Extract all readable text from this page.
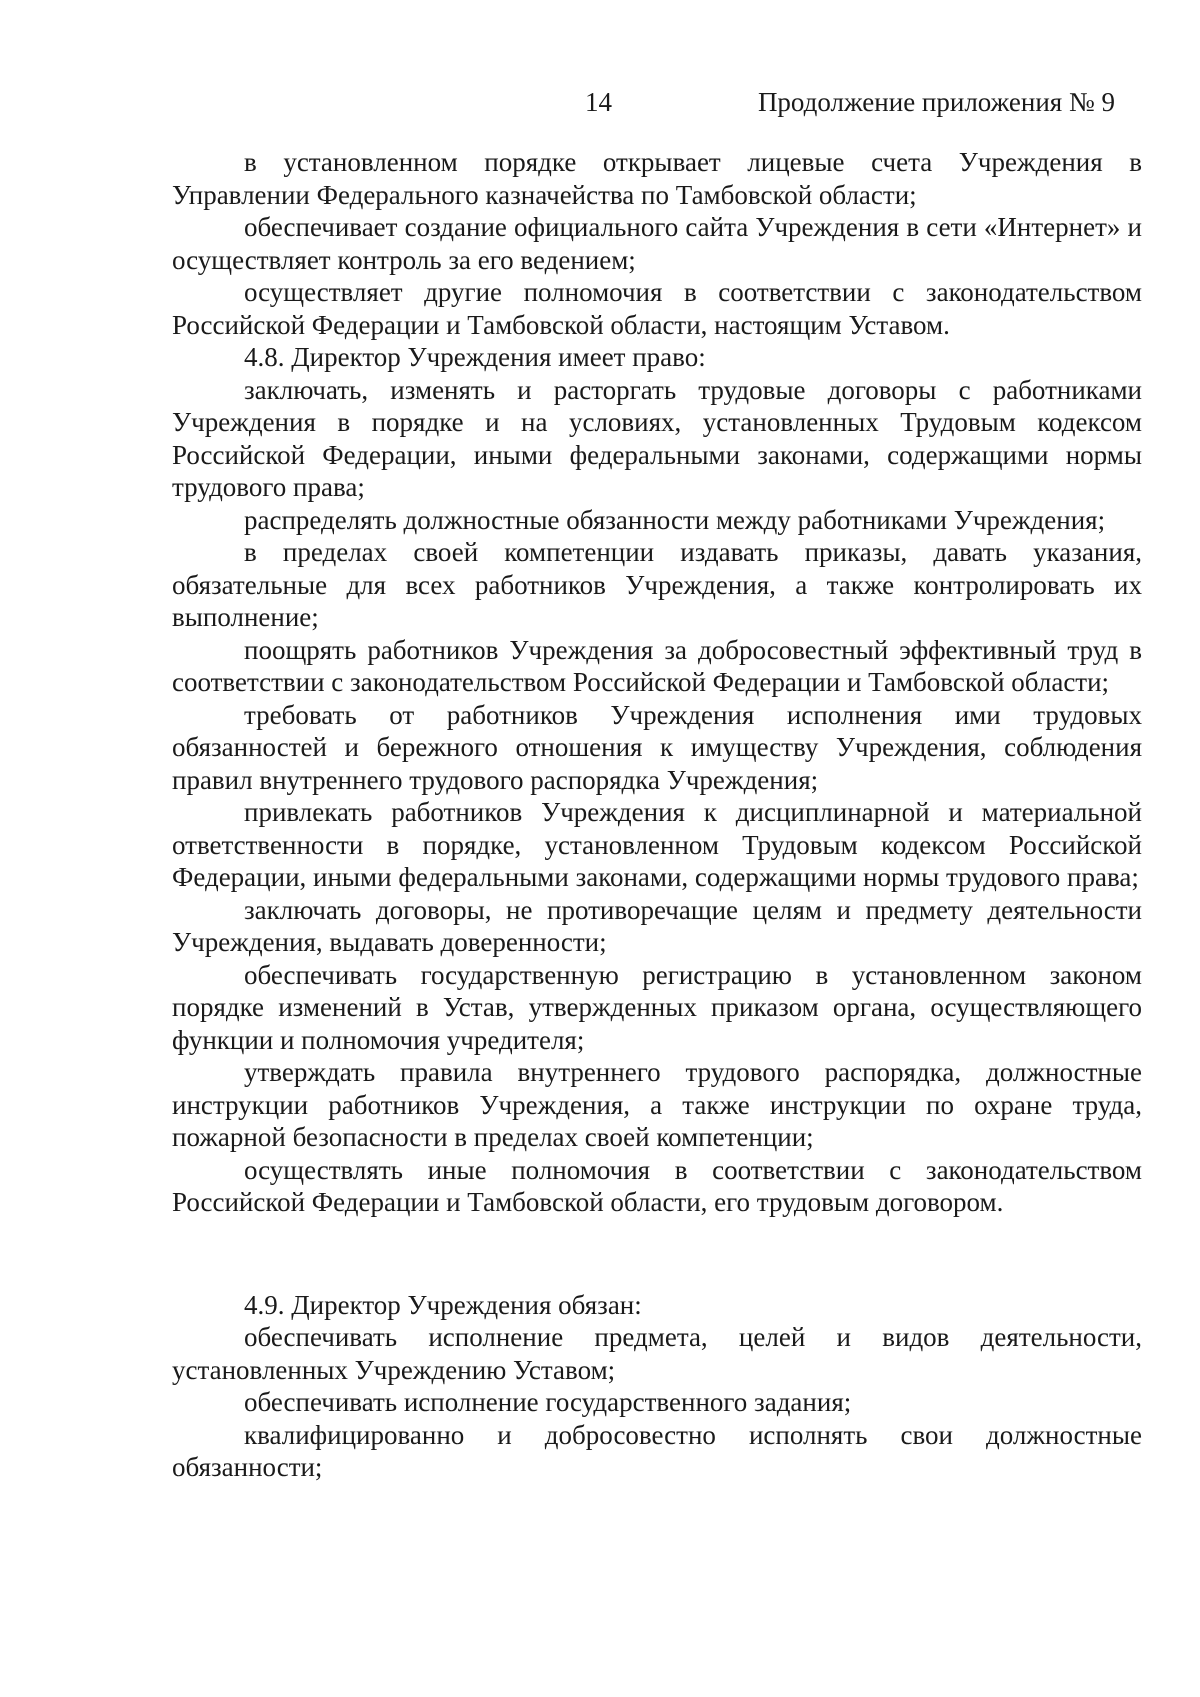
14	Продолжение приложения № 9

в установленном порядке открывает лицевые счета Учреждения в Управлении Федерального казначейства по Тамбовской области;

обеспечивает создание официального сайта Учреждения в сети «Интернет» и осуществляет контроль за его ведением;

осуществляет другие полномочия в соответствии с законодательством Российской Федерации и Тамбовской области, настоящим Уставом.

4.8. Директор Учреждения имеет право:

заключать, изменять и расторгать трудовые договоры с работниками Учреждения в порядке и на условиях, установленных Трудовым кодексом Российской Федерации, иными федеральными законами, содержащими нормы трудового права;

распределять должностные обязанности между работниками Учреждения;

в пределах своей компетенции издавать приказы, давать указания, обязательные для всех работников Учреждения, а также контролировать их выполнение;

поощрять работников Учреждения за добросовестный эффективный труд в соответствии с законодательством Российской Федерации и Тамбовской области;

требовать от работников Учреждения исполнения ими трудовых обязанностей и бережного отношения к имуществу Учреждения, соблюдения правил внутреннего трудового распорядка Учреждения;

привлекать работников Учреждения к дисциплинарной и материальной ответственности в порядке, установленном Трудовым кодексом Российской Федерации, иными федеральными законами, содержащими нормы трудового права;

заключать договоры, не противоречащие целям и предмету деятельности Учреждения, выдавать доверенности;

обеспечивать государственную регистрацию в установленном законом порядке изменений в Устав, утвержденных приказом органа, осуществляющего функции и полномочия учредителя;

утверждать правила внутреннего трудового распорядка, должностные инструкции работников Учреждения, а также инструкции по охране труда, пожарной безопасности в пределах своей компетенции;

осуществлять иные полномочия в соответствии с законодательством Российской Федерации и Тамбовской области, его трудовым договором.

4.9. Директор Учреждения обязан:

обеспечивать исполнение предмета, целей и видов деятельности, установленных Учреждению Уставом;

обеспечивать исполнение государственного задания;

квалифицированно и добросовестно исполнять свои должностные обязанности;
